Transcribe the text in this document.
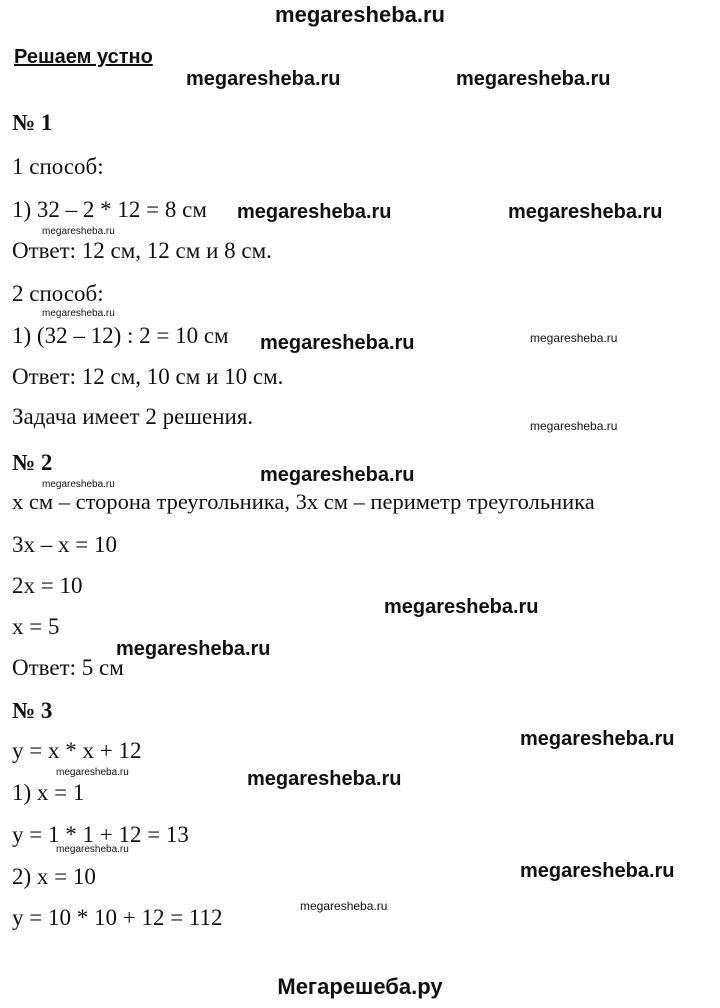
megaresheba.ru
Решаем устно
№ 1
1 способ:
1) 32 – 2 * 12 = 8 см
Ответ: 12 см, 12 см и 8 см.
2 способ:
1) (32 – 12) : 2 = 10 см
Ответ: 12 см, 10 см и 10 см.
Задача имеет 2 решения.
№ 2
x см – сторона треугольника, 3x см – периметр треугольника
3x – x = 10
2x = 10
x = 5
Ответ: 5 см
№ 3
y = x * x + 12
1) x = 1
y = 1 * 1 + 12 = 13
2) x = 10
y = 10 * 10 + 12 = 112
megaresheba.ru	megaresheba.ru
megaresheba.ru	megaresheba.ru
megaresheba.ru
megaresheba.ru
megaresheba.ru	megaresheba.ru
megaresheba.ru
megaresheba.ru	megaresheba.ru
megaresheba.ru
megaresheba.ru
megaresheba.ru
megaresheba.ru	megaresheba.ru
megaresheba.ru
megaresheba.ru
megaresheba.ru
Мегарешеба.ру
